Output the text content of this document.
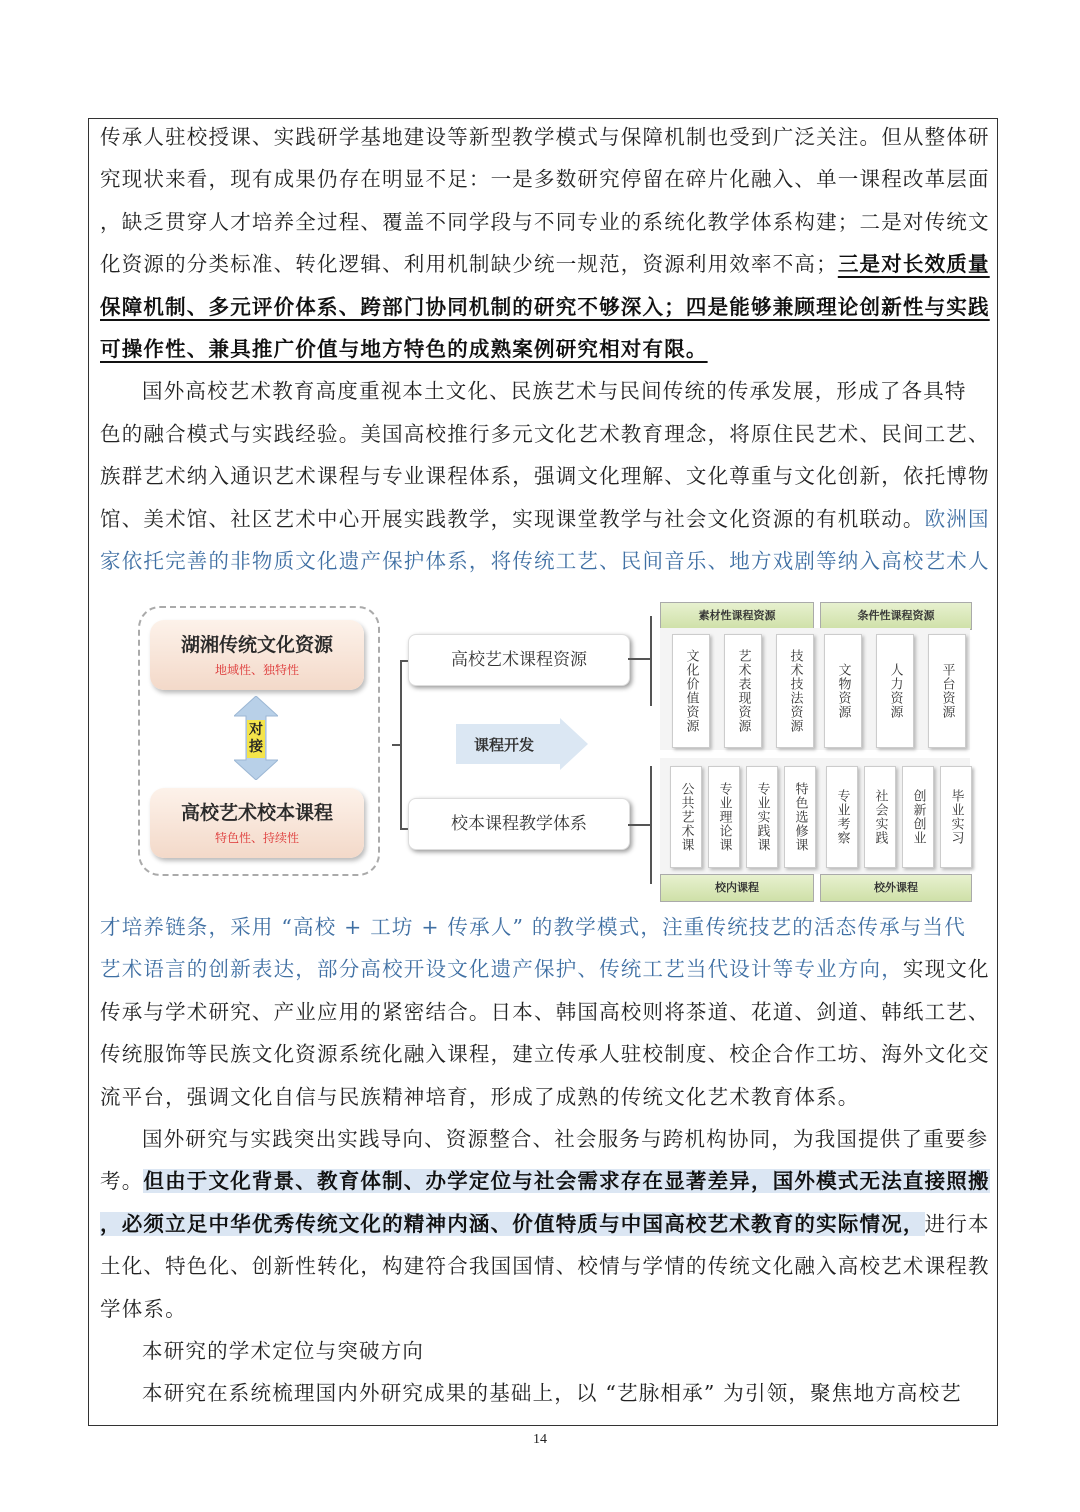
传承人驻校授课、实践研学基地建设等新型教学模式与保障机制也受到广泛关注。但从整体研
究现状来看，现有成果仍存在明显不足：一是多数研究停留在碎片化融入、单一课程改革层面
，缺乏贯穿人才培养全过程、覆盖不同学段与不同专业的系统化教学体系构建；二是对传统文
化资源的分类标准、转化逻辑、利用机制缺少统一规范，资源利用效率不高；三是对长效质量
保障机制、多元评价体系、跨部门协同机制的研究不够深入；四是能够兼顾理论创新性与实践
可操作性、兼具推广价值与地方特色的成熟案例研究相对有限。
国外高校艺术教育高度重视本土文化、民族艺术与民间传统的传承发展，形成了各具特
色的融合模式与实践经验。美国高校推行多元文化艺术教育理念，将原住民艺术、民间工艺、
族群艺术纳入通识艺术课程与专业课程体系，强调文化理解、文化尊重与文化创新，依托博物
馆、美术馆、社区艺术中心开展实践教学，实现课堂教学与社会文化资源的有机联动。欧洲国
家依托完善的非物质文化遗产保护体系，将传统工艺、民间音乐、地方戏剧等纳入高校艺术人
湖湘传统文化资源
地域性、独特性
高校艺术校本课程
特色性、持续性
对接
高校艺术课程资源
课程开发
校本课程教学体系
素材性课程资源	条件性课程资源
文化价值资源	艺术表现资源	技术技法资源	文物资源	人力资源	平台资源
公共艺术课	专业理论课	专业实践课	特色选修课	专业考察	社会实践	创新创业	毕业实习
校内课程	校外课程
才培养链条，采用 “高校 + 工坊 + 传承人” 的教学模式，注重传统技艺的活态传承与当代
艺术语言的创新表达，部分高校开设文化遗产保护、传统工艺当代设计等专业方向，实现文化
传承与学术研究、产业应用的紧密结合。日本、韩国高校则将茶道、花道、剑道、韩纸工艺、
传统服饰等民族文化资源系统化融入课程，建立传承人驻校制度、校企合作工坊、海外文化交
流平台，强调文化自信与民族精神培育，形成了成熟的传统文化艺术教育体系。
国外研究与实践突出实践导向、资源整合、社会服务与跨机构协同，为我国提供了重要参
考。但由于文化背景、教育体制、办学定位与社会需求存在显著差异，国外模式无法直接照搬
，必须立足中华优秀传统文化的精神内涵、价值特质与中国高校艺术教育的实际情况，进行本
土化、特色化、创新性转化，构建符合我国国情、校情与学情的传统文化融入高校艺术课程教
学体系。
本研究的学术定位与突破方向
本研究在系统梳理国内外研究成果的基础上，以 “艺脉相承” 为引领，聚焦地方高校艺
14
